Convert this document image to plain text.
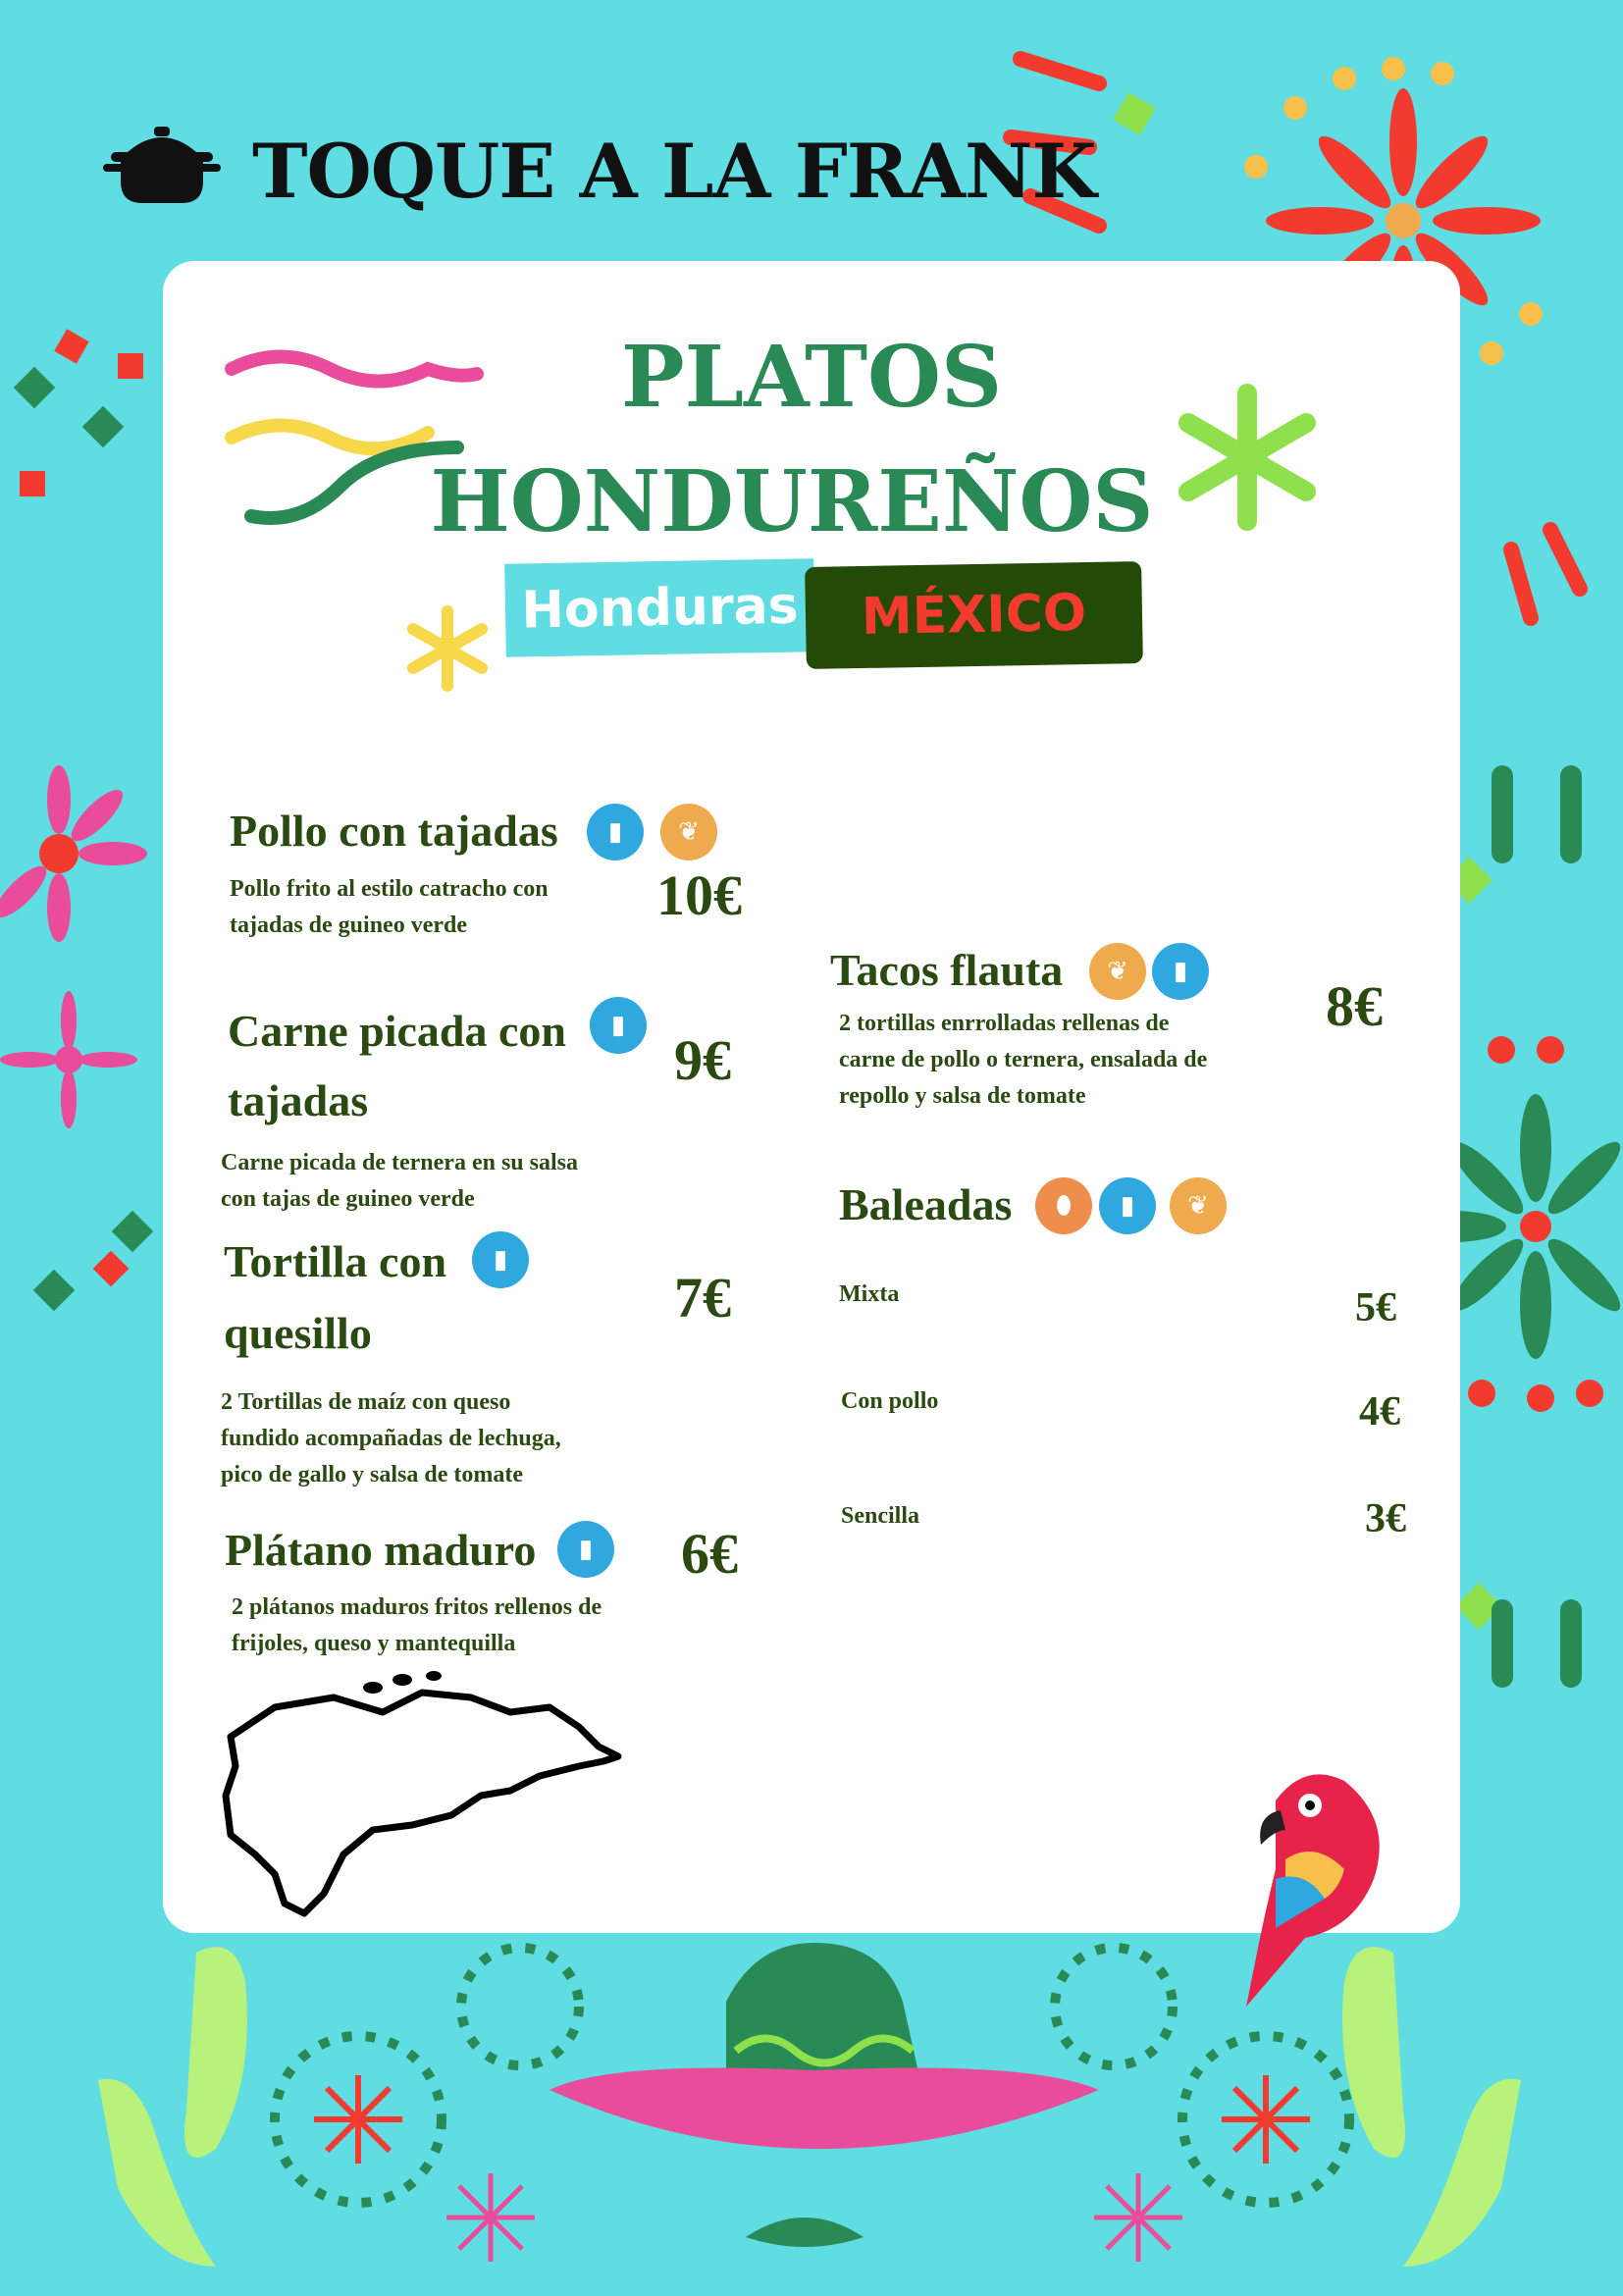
TOQUE A LA FRANK
PLATOS
HONDUREÑOS
Honduras	MÉXICO
Pollo con tajadas	▮	❦
Pollo frito al estilo catracho con
tajadas de guineo verde	10€
Carne picada con
tajadas
▮
Carne picada de ternera en su salsa
con tajas de guineo verde
9€
Tortilla con
quesillo
▮
2 Tortillas de maíz con queso
fundido acompañadas de lechuga,
pico de gallo y salsa de tomate
7€
Plátano maduro	▮
2 plátanos maduros fritos rellenos de
frijoles, queso y mantequilla
6€
Tacos flauta	❦	▮
2 tortillas enrrolladas rellenas de
carne de pollo o ternera, ensalada de
repollo y salsa de tomate
8€
Baleadas	⬮	▮	❦
Mixta	5€
Con pollo	4€
Sencilla	3€
